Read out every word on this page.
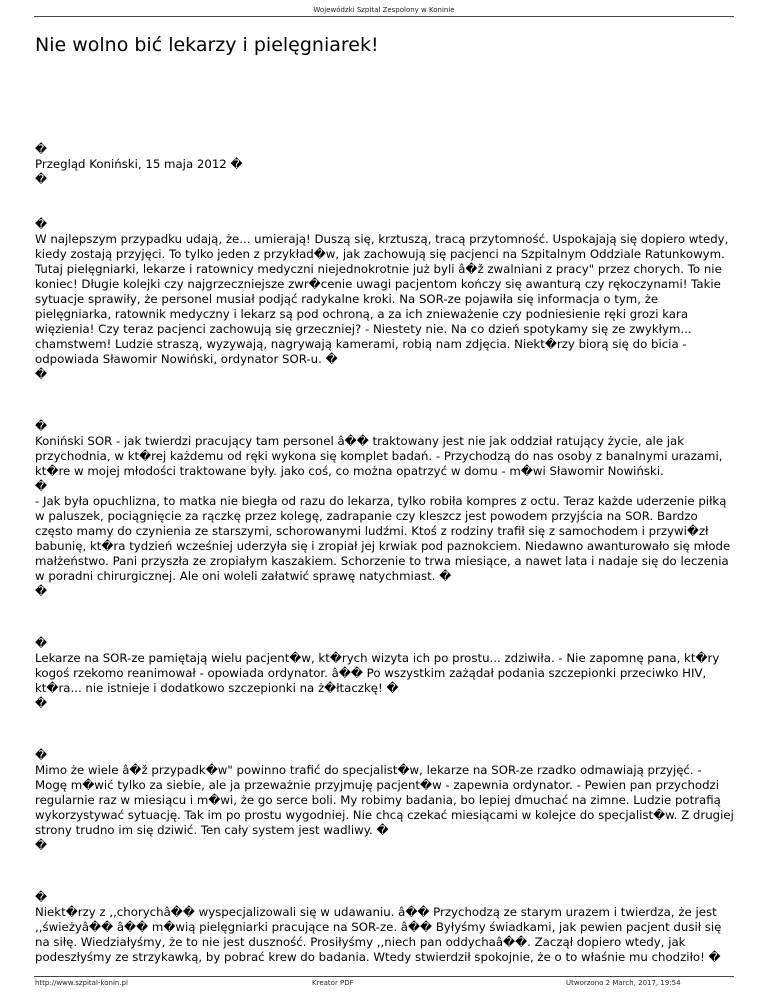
Wojewódzki Szpital Zespolony w Koninie
Nie wolno bić lekarzy i pielęgniarek!

�
Przegląd Koniński, 15 maja 2012 �
�

�
W najlepszym przypadku udają, że... umierają! Duszą się, krztuszą, tracą przytomność. Uspokajają się dopiero wtedy, kiedy zostają przyjęci. To tylko jeden z przykład�w, jak zachowują się pacjenci na Szpitalnym Oddziale Ratunkowym. Tutaj pielęgniarki, lekarze i ratownicy medyczni niejednokrotnie już byli â�ž zwalniani z pracy" przez chorych. To nie koniec! Długie kolejki czy najgrzeczniejsze zwr�cenie uwagi pacjentom kończy się awanturą czy rękoczynami! Takie sytuacje sprawiły, że personel musiał podjąć radykalne kroki. Na SOR-ze pojawiła się informacja o tym, że pielęgniarka, ratownik medyczny i lekarz są pod ochroną, a za ich znieważenie czy podniesienie ręki grozi kara więzienia! Czy teraz pacjenci zachowują się grzeczniej? - Niestety nie. Na co dzień spotykamy się ze zwykłym... chamstwem! Ludzie straszą, wyzywają, nagrywają kamerami, robią nam zdjęcia. Niekt�rzy biorą się do bicia - odpowiada Sławomir Nowiński, ordynator SOR-u. �
�

�
Koniński SOR - jak twierdzi pracujący tam personel â�� traktowany jest nie jak oddział ratujący życie, ale jak przychodnia, w kt�rej każdemu od ręki wykona się komplet badań. - Przychodzą do nas osoby z banalnymi urazami, kt�re w mojej młodości traktowane były. jako coś, co można opatrzyć w domu - m�wi Sławomir Nowiński.
�
- Jak była opuchlizna, to matka nie biegła od razu do lekarza, tylko robiła kompres z octu. Teraz każde uderzenie piłką w paluszek, pociągnięcie za rączkę przez kolegę, zadrapanie czy kleszcz jest powodem przyjścia na SOR. Bardzo często mamy do czynienia ze starszymi, schorowanymi ludźmi. Ktoś z rodziny trafił się z samochodem i przywi�zł babunię, kt�ra tydzień wcześniej uderzyła się i zropiał jej krwiak pod paznokciem. Niedawno awanturowało się młode małżeństwo. Pani przyszła ze zropiałym kaszakiem. Schorzenie to trwa miesiące, a nawet lata i nadaje się do leczenia w poradni chirurgicznej. Ale oni woleli załatwić sprawę natychmiast. �
�

�
Lekarze na SOR-ze pamiętają wielu pacjent�w, kt�rych wizyta ich po prostu... zdziwiła. - Nie zapomnę pana, kt�ry kogoś rzekomo reanimował - opowiada ordynator. â�� Po wszystkim zażądał podania szczepionki przeciwko HIV, kt�ra... nie istnieje i dodatkowo szczepionki na ż�łtaczkę! �
�

�
Mimo że wiele â�ž przypadk�w" powinno trafić do specjalist�w, lekarze na SOR-ze rzadko odmawiają przyjęć. - Mogę m�wić tylko za siebie, ale ja przeważnie przyjmuję pacjent�w - zapewnia ordynator. - Pewien pan przychodzi regularnie raz w miesiącu i m�wi, że go serce boli. My robimy badania, bo lepiej dmuchać na zimne. Ludzie potrafią wykorzystywać sytuację. Tak im po prostu wygodniej. Nie chcą czekać miesiącami w kolejce do specjalist�w. Z drugiej strony trudno im się dziwić. Ten cały system jest wadliwy. �
�

�
Niekt�rzy z ,,chorychâ�� wyspecjalizowali się w udawaniu. â�� Przychodzą ze starym urazem i twierdza, że jest ,,świeżyâ�� â�� m�wią pielęgniarki pracujące na SOR-ze. â�� Byłyśmy świadkami, jak pewien pacjent dusił się na siłę. Wiedziałyśmy, że to nie jest duszność. Prosiłyśmy ,,niech pan oddychaâ��. Zaczął dopiero wtedy, jak podeszłyśmy ze strzykawką, by pobrać krew do badania. Wtedy stwierdził spokojnie, że o to właśnie mu chodziło! �

http://www.szpital-konin.pl	Kreator PDF	Utworzono 2 March, 2017, 19:54
